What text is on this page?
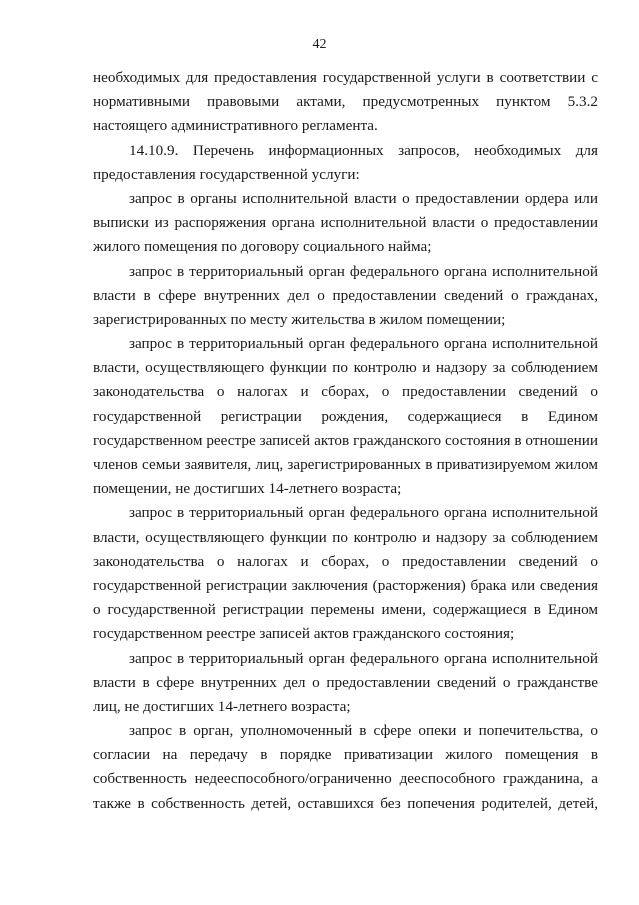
42
необходимых для предоставления государственной услуги в соответствии с
нормативными правовыми актами, предусмотренных пунктом 5.3.2
настоящего административного регламента.
14.10.9. Перечень информационных запросов, необходимых для
предоставления государственной услуги:
запрос в органы исполнительной власти о предоставлении ордера или
выписки из распоряжения органа исполнительной власти о предоставлении
жилого помещения по договору социального найма;
запрос в территориальный орган федерального органа исполнительной
власти в сфере внутренних дел о предоставлении сведений о гражданах,
зарегистрированных по месту жительства в жилом помещении;
запрос в территориальный орган федерального органа исполнительной
власти, осуществляющего функции по контролю и надзору за соблюдением
законодательства о налогах и сборах, о предоставлении сведений о
государственной регистрации рождения, содержащиеся в Едином
государственном реестре записей актов гражданского состояния в отношении
членов семьи заявителя, лиц, зарегистрированных в приватизируемом жилом
помещении, не достигших 14-летнего возраста;
запрос в территориальный орган федерального органа исполнительной
власти, осуществляющего функции по контролю и надзору за соблюдением
законодательства о налогах и сборах, о предоставлении сведений о
государственной регистрации заключения (расторжения) брака или сведения
о государственной регистрации перемены имени, содержащиеся в Едином
государственном реестре записей актов гражданского состояния;
запрос в территориальный орган федерального органа исполнительной
власти в сфере внутренних дел о предоставлении сведений о гражданстве
лиц, не достигших 14-летнего возраста;
запрос в орган, уполномоченный в сфере опеки и попечительства, о
согласии на передачу в порядке приватизации жилого помещения в
собственность недееспособного/ограниченно дееспособного гражданина, а
также в собственность детей, оставшихся без попечения родителей, детей,
